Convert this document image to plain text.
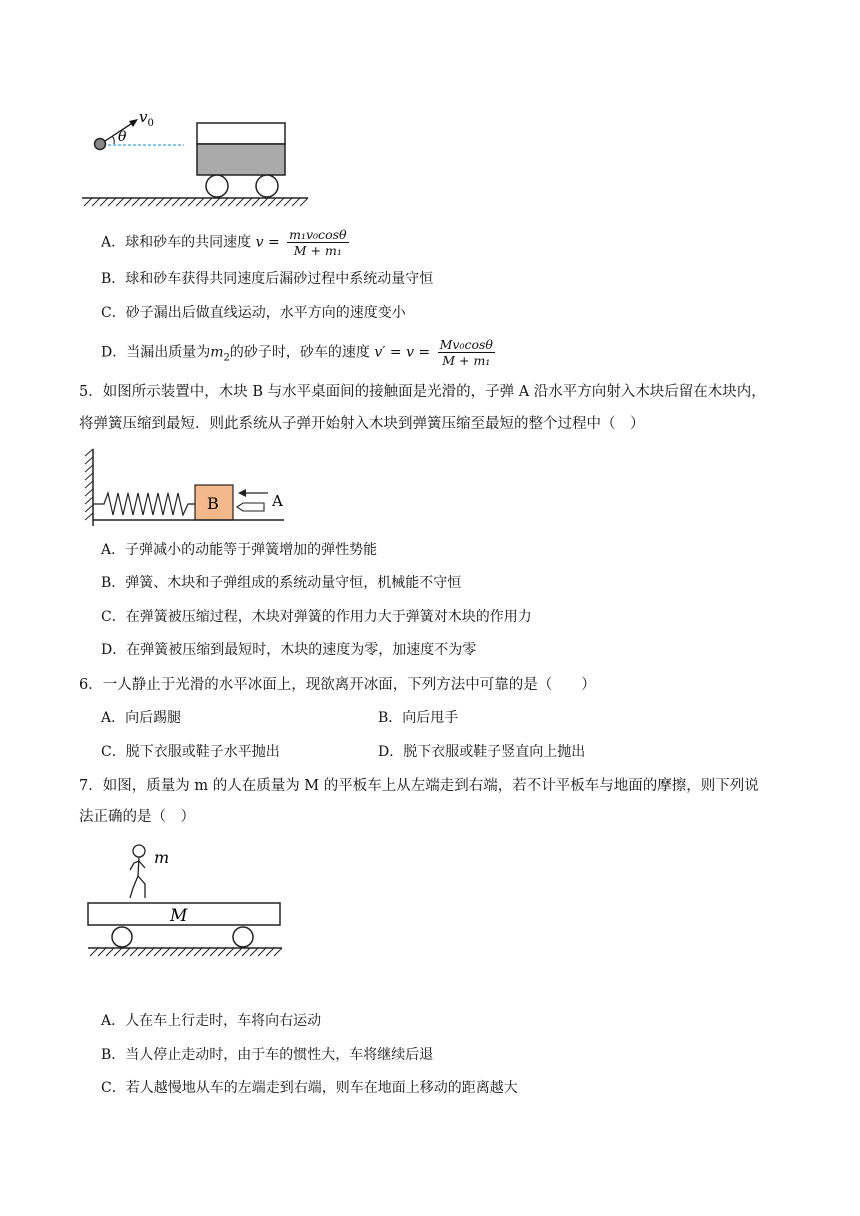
$v_0$
θ
A．球和砂车的共同速度 $v = \frac{\text{m₁v₀cosθ}}{\text{M + m₁}}$
B．球和砂车获得共同速度后漏砂过程中系统动量守恒
C．砂子漏出后做直线运动，水平方向的速度变小
D．当漏出质量为$m_2$的砂子时，砂车的速度 $v' = v = \frac{\text{Mv₀cosθ}}{\text{M + m₁}}$
5．如图所示装置中，木块 B 与水平桌面间的接触面是光滑的，子弹 A 沿水平方向射入木块后留在木块内，
将弹簧压缩到最短．则此系统从子弹开始射入木块到弹簧压缩至最短的整个过程中（　）
B	A
A．子弹减小的动能等于弹簧增加的弹性势能
B．弹簧、木块和子弹组成的系统动量守恒，机械能不守恒
C．在弹簧被压缩过程，木块对弹簧的作用力大于弹簧对木块的作用力
D．在弹簧被压缩到最短时，木块的速度为零，加速度不为零
6．一人静止于光滑的水平冰面上，现欲离开冰面，下列方法中可靠的是（　　）
A．向后踢腿	B．向后甩手
C．脱下衣服或鞋子水平抛出	D．脱下衣服或鞋子竖直向上抛出
7．如图，质量为 m 的人在质量为 M 的平板车上从左端走到右端，若不计平板车与地面的摩擦，则下列说
法正确的是（　）
m
M
A．人在车上行走时，车将向右运动
B．当人停止走动时，由于车的惯性大，车将继续后退
C．若人越慢地从车的左端走到右端，则车在地面上移动的距离越大
